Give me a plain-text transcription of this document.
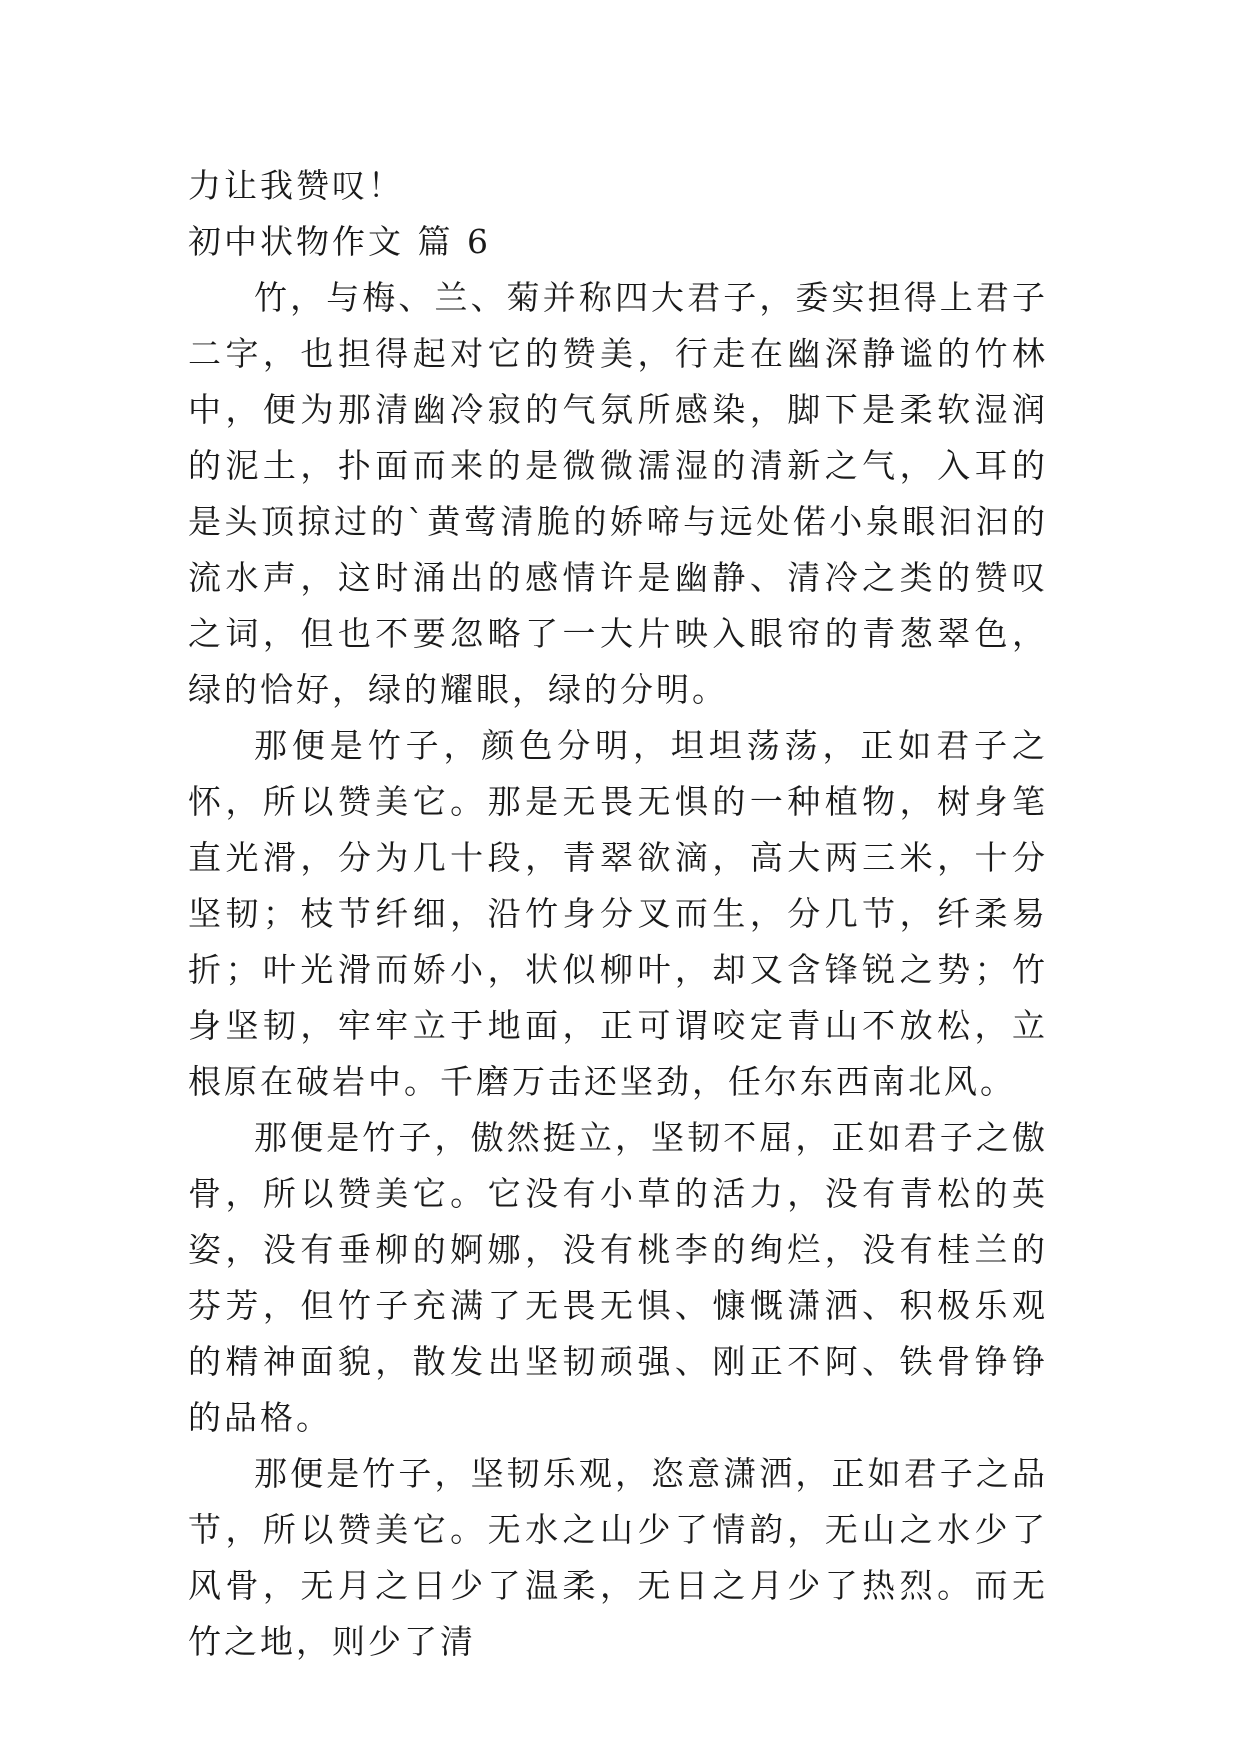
力让我赞叹！

初中状物作文 篇 6

竹，与梅、兰、菊并称四大君子，委实担得上君子二字，也担得起对它的赞美，行走在幽深静谧的竹林中，便为那清幽冷寂的气氛所感染，脚下是柔软湿润的泥土，扑面而来的是微微濡湿的清新之气，入耳的是头顶掠过的`黄莺清脆的娇啼与远处偌小泉眼汩汩的流水声，这时涌出的感情许是幽静、清冷之类的赞叹之词，但也不要忽略了一大片映入眼帘的青葱翠色，绿的恰好，绿的耀眼，绿的分明。

那便是竹子，颜色分明，坦坦荡荡，正如君子之怀，所以赞美它。那是无畏无惧的一种植物，树身笔直光滑，分为几十段，青翠欲滴，高大两三米，十分坚韧；枝节纤细，沿竹身分叉而生，分几节，纤柔易折；叶光滑而娇小，状似柳叶，却又含锋锐之势；竹身坚韧，牢牢立于地面，正可谓咬定青山不放松，立根原在破岩中。千磨万击还坚劲，任尔东西南北风。

那便是竹子，傲然挺立，坚韧不屈，正如君子之傲骨，所以赞美它。它没有小草的活力，没有青松的英姿，没有垂柳的婀娜，没有桃李的绚烂，没有桂兰的芬芳，但竹子充满了无畏无惧、慷慨潇洒、积极乐观的精神面貌，散发出坚韧顽强、刚正不阿、铁骨铮铮的品格。

那便是竹子，坚韧乐观，恣意潇洒，正如君子之品节，所以赞美它。无水之山少了情韵，无山之水少了风骨，无月之日少了温柔，无日之月少了热烈。而无竹之地，则少了清
